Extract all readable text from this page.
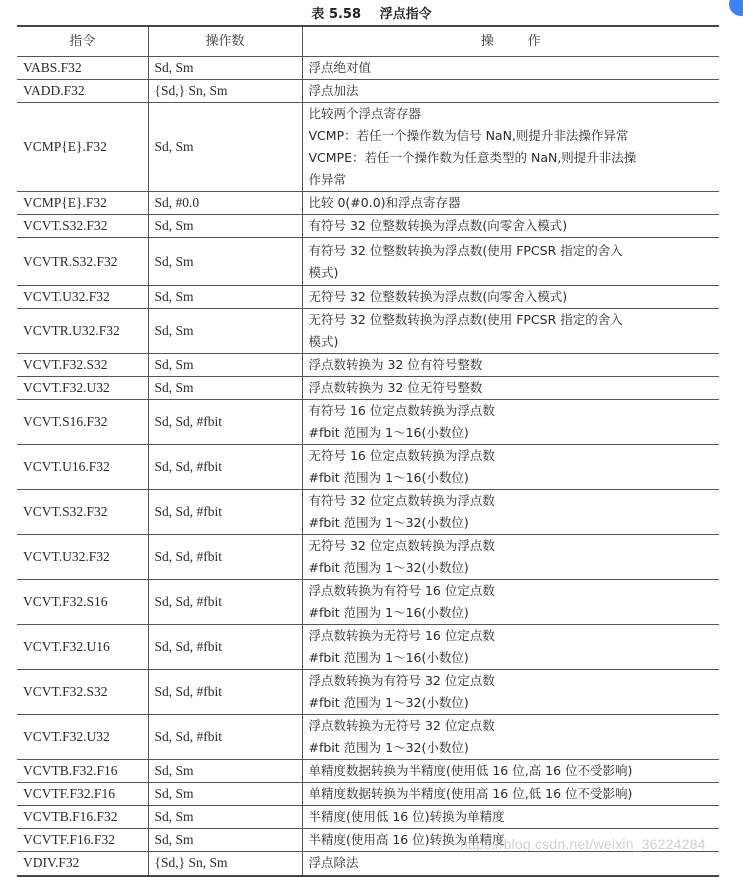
表 5.58 浮点指令
指令	操作数	操作
VABS.F32	Sd, Sm	浮点绝对值

VADD.F32	{Sd,} Sn, Sm	浮点加法

VCMP{E}.F32	Sd, Sm	比较两个浮点寄存器
VCMP：若任一个操作数为信号 NaN,则提升非法操作异常
VCMPE：若任一个操作数为任意类型的 NaN,则提升非法操
作异常

VCMP{E}.F32	Sd, #0.0	比较 0(#0.0)和浮点寄存器

VCVT.S32.F32	Sd, Sm	有符号 32 位整数转换为浮点数(向零舍入模式)

VCVTR.S32.F32	Sd, Sm	有符号 32 位整数转换为浮点数(使用 FPCSR 指定的舍入
模式)

VCVT.U32.F32	Sd, Sm	无符号 32 位整数转换为浮点数(向零舍入模式)

VCVTR.U32.F32	Sd, Sm	无符号 32 位整数转换为浮点数(使用 FPCSR 指定的舍入
模式)

VCVT.F32.S32	Sd, Sm	浮点数转换为 32 位有符号整数

VCVT.F32.U32	Sd, Sm	浮点数转换为 32 位无符号整数

VCVT.S16.F32	Sd, Sd, #fbit	有符号 16 位定点数转换为浮点数
#fbit 范围为 1～16(小数位)

VCVT.U16.F32	Sd, Sd, #fbit	无符号 16 位定点数转换为浮点数
#fbit 范围为 1～16(小数位)

VCVT.S32.F32	Sd, Sd, #fbit	有符号 32 位定点数转换为浮点数
#fbit 范围为 1～32(小数位)

VCVT.U32.F32	Sd, Sd, #fbit	无符号 32 位定点数转换为浮点数
#fbit 范围为 1～32(小数位)

VCVT.F32.S16	Sd, Sd, #fbit	浮点数转换为有符号 16 位定点数
#fbit 范围为 1～16(小数位)

VCVT.F32.U16	Sd, Sd, #fbit	浮点数转换为无符号 16 位定点数
#fbit 范围为 1～16(小数位)

VCVT.F32.S32	Sd, Sd, #fbit	浮点数转换为有符号 32 位定点数
#fbit 范围为 1～32(小数位)

VCVT.F32.U32	Sd, Sd, #fbit	浮点数转换为无符号 32 位定点数
#fbit 范围为 1～32(小数位)

VCVTB.F32.F16	Sd, Sm	单精度数据转换为半精度(使用低 16 位,高 16 位不受影响)

VCVTF.F32.F16	Sd, Sm	单精度数据转换为半精度(使用高 16 位,低 16 位不受影响)

VCVTB.F16.F32	Sd, Sm	半精度(使用低 16 位)转换为单精度

VCVTF.F16.F32	Sd, Sm	半精度(使用高 16 位)转换为单精度

VDIV.F32	{Sd,} Sn, Sm	浮点除法
https://blog.csdn.net/weixin_36224284
